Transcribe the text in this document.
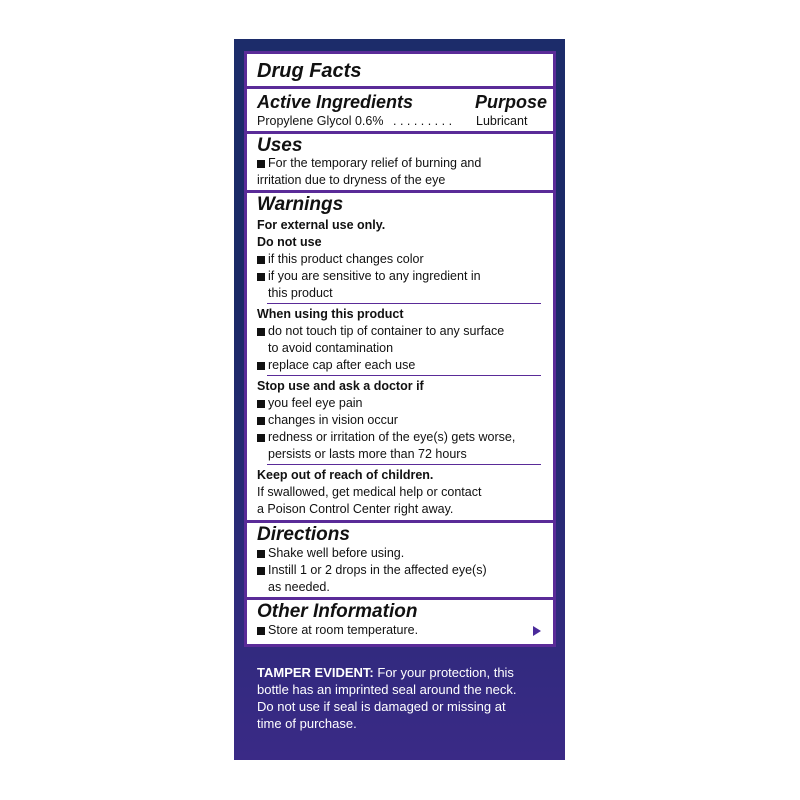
Drug Facts
Active Ingredients	Purpose
Propylene Glycol 0.6% . . . . . . . . . Lubricant
Uses
For the temporary relief of burning and
irritation due to dryness of the eye
Warnings
For external use only.
Do not use
if this product changes color
if you are sensitive to any ingredient in
this product
When using this product
do not touch tip of container to any surface
to avoid contamination
replace cap after each use
Stop use and ask a doctor if
you feel eye pain
changes in vision occur
redness or irritation of the eye(s) gets worse,
persists or lasts more than 72 hours
Keep out of reach of children.
If swallowed, get medical help or contact
a Poison Control Center right away.
Directions
Shake well before using.
Instill 1 or 2 drops in the affected eye(s)
as needed.
Other Information
Store at room temperature.
TAMPER EVIDENT: For your protection, this
bottle has an imprinted seal around the neck.
Do not use if seal is damaged or missing at
time of purchase.
